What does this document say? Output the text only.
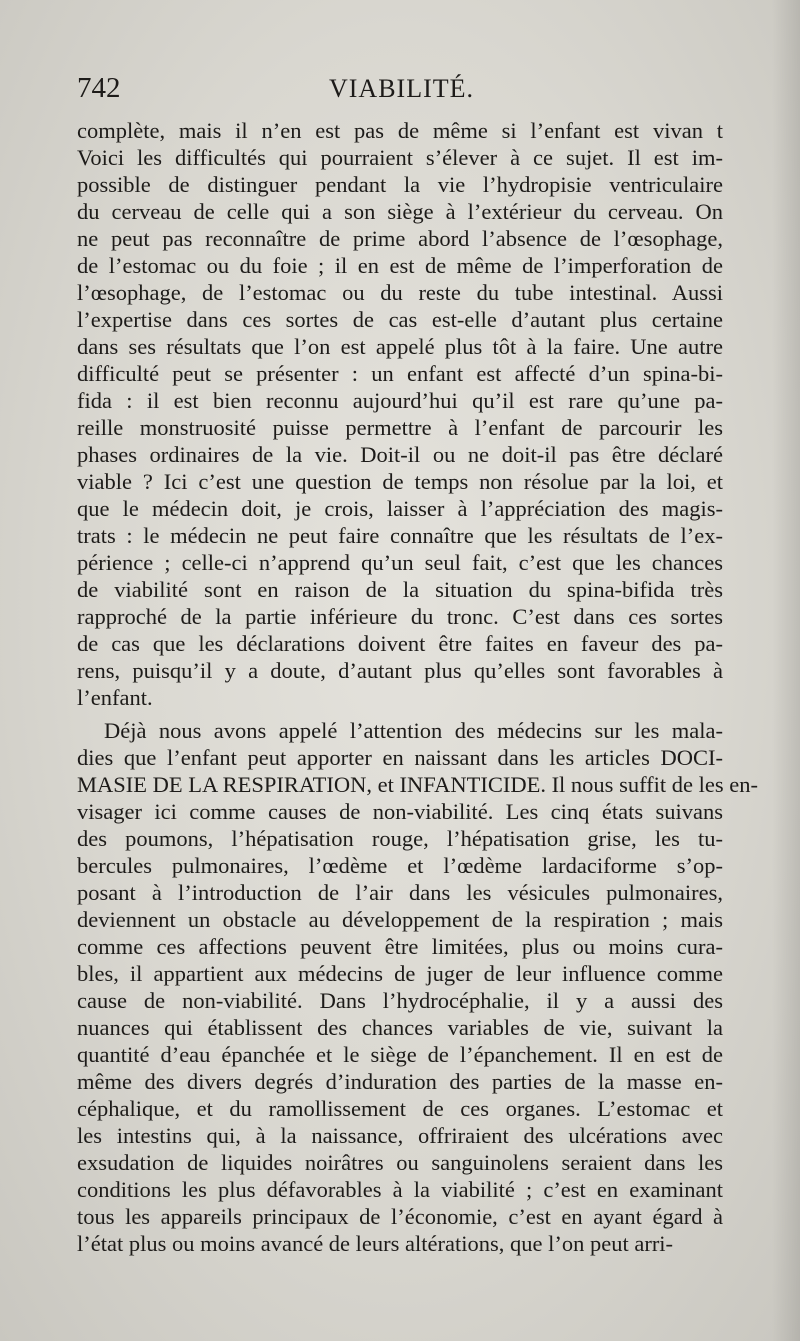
742	VIABILITÉ.
complète, mais il n’en est pas de même si l’enfant est vivan t
Voici les difficultés qui pourraient s’élever à ce sujet. Il est im-
possible de distinguer pendant la vie l’hydropisie ventriculaire
du cerveau de celle qui a son siège à l’extérieur du cerveau. On
ne peut pas reconnaître de prime abord l’absence de l’œsophage,
de l’estomac ou du foie ; il en est de même de l’imperforation de
l’œsophage, de l’estomac ou du reste du tube intestinal. Aussi
l’expertise dans ces sortes de cas est-elle d’autant plus certaine
dans ses résultats que l’on est appelé plus tôt à la faire. Une autre
difficulté peut se présenter : un enfant est affecté d’un spina-bi-
fida : il est bien reconnu aujourd’hui qu’il est rare qu’une pa-
reille monstruosité puisse permettre à l’enfant de parcourir les
phases ordinaires de la vie. Doit-il ou ne doit-il pas être déclaré
viable ? Ici c’est une question de temps non résolue par la loi, et
que le médecin doit, je crois, laisser à l’appréciation des magis-
trats : le médecin ne peut faire connaître que les résultats de l’ex-
périence ; celle-ci n’apprend qu’un seul fait, c’est que les chances
de viabilité sont en raison de la situation du spina-bifida très
rapproché de la partie inférieure du tronc. C’est dans ces sortes
de cas que les déclarations doivent être faites en faveur des pa-
rens, puisqu’il y a doute, d’autant plus qu’elles sont favorables à
l’enfant.
Déjà nous avons appelé l’attention des médecins sur les mala-
dies que l’enfant peut apporter en naissant dans les articles DOCI-
MASIE DE LA RESPIRATION, et INFANTICIDE. Il nous suffit de les en-
visager ici comme causes de non-viabilité. Les cinq états suivans
des poumons, l’hépatisation rouge, l’hépatisation grise, les tu-
bercules pulmonaires, l’œdème et l’œdème lardaciforme s’op-
posant à l’introduction de l’air dans les vésicules pulmonaires,
deviennent un obstacle au développement de la respiration ; mais
comme ces affections peuvent être limitées, plus ou moins cura-
bles, il appartient aux médecins de juger de leur influence comme
cause de non-viabilité. Dans l’hydrocéphalie, il y a aussi des
nuances qui établissent des chances variables de vie, suivant la
quantité d’eau épanchée et le siège de l’épanchement. Il en est de
même des divers degrés d’induration des parties de la masse en-
céphalique, et du ramollissement de ces organes. L’estomac et
les intestins qui, à la naissance, offriraient des ulcérations avec
exsudation de liquides noirâtres ou sanguinolens seraient dans les
conditions les plus défavorables à la viabilité ; c’est en examinant
tous les appareils principaux de l’économie, c’est en ayant égard à
l’état plus ou moins avancé de leurs altérations, que l’on peut arri-
